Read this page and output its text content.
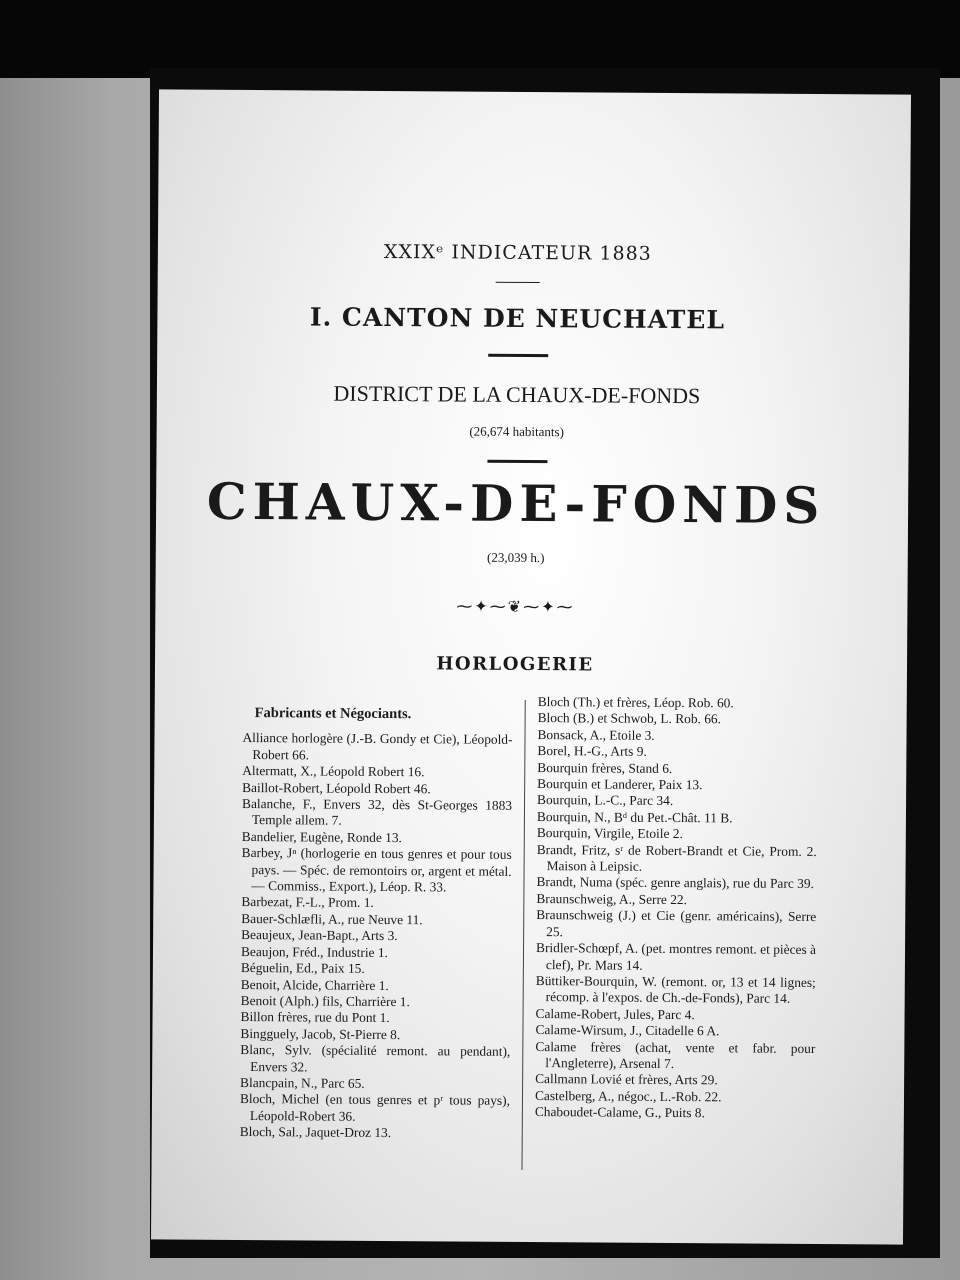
XXIXᵉ INDICATEUR 1883
I. CANTON DE NEUCHATEL
DISTRICT DE LA CHAUX-DE-FONDS
(26,674 habitants)
CHAUX-DE-FONDS
(23,039 h.)
⁓✦⁓❦⁓✦⁓
HORLOGERIE

Fabricants et Négociants.

Alliance horlogère (J.-B. Gondy et Cie), Léopold-Robert 66.

Altermatt, X., Léopold Robert 16.

Baillot-Robert, Léopold Robert 46.

Balanche, F., Envers 32, dès St-Georges 1883 Temple allem. 7.

Bandelier, Eugène, Ronde 13.

Barbey, Jⁿ (horlogerie en tous genres et pour tous pays. — Spéc. de remontoirs or, argent et métal. — Commiss., Export.), Léop. R. 33.

Barbezat, F.-L., Prom. 1.

Bauer-Schlæfli, A., rue Neuve 11.

Beaujeux, Jean-Bapt., Arts 3.

Beaujon, Fréd., Industrie 1.

Béguelin, Ed., Paix 15.

Benoit, Alcide, Charrière 1.

Benoit (Alph.) fils, Charrière 1.

Billon frères, rue du Pont 1.

Bingguely, Jacob, St-Pierre 8.

Blanc, Sylv. (spécialité remont. au pendant), Envers 32.

Blancpain, N., Parc 65.

Bloch, Michel (en tous genres et pʳ tous pays), Léopold-Robert 36.

Bloch, Sal., Jaquet-Droz 13.

Bloch (Th.) et frères, Léop. Rob. 60.

Bloch (B.) et Schwob, L. Rob. 66.

Bonsack, A., Etoile 3.

Borel, H.-G., Arts 9.

Bourquin frères, Stand 6.

Bourquin et Landerer, Paix 13.

Bourquin, L.-C., Parc 34.

Bourquin, N., Bᵈ du Pet.-Chât. 11 B.

Bourquin, Virgile, Etoile 2.

Brandt, Fritz, sʳ de Robert-Brandt et Cie, Prom. 2. Maison à Leipsic.

Brandt, Numa (spéc. genre anglais), rue du Parc 39.

Braunschweig, A., Serre 22.

Braunschweig (J.) et Cie (genr. américains), Serre 25.

Bridler-Schœpf, A. (pet. montres remont. et pièces à clef), Pr. Mars 14.

Büttiker-Bourquin, W. (remont. or, 13 et 14 lignes; récomp. à l'expos. de Ch.-de-Fonds), Parc 14.

Calame-Robert, Jules, Parc 4.

Calame-Wirsum, J., Citadelle 6 A.

Calame frères (achat, vente et fabr. pour l'Angleterre), Arsenal 7.

Callmann Lovié et frères, Arts 29.

Castelberg, A., négoc., L.-Rob. 22.

Chaboudet-Calame, G., Puits 8.
